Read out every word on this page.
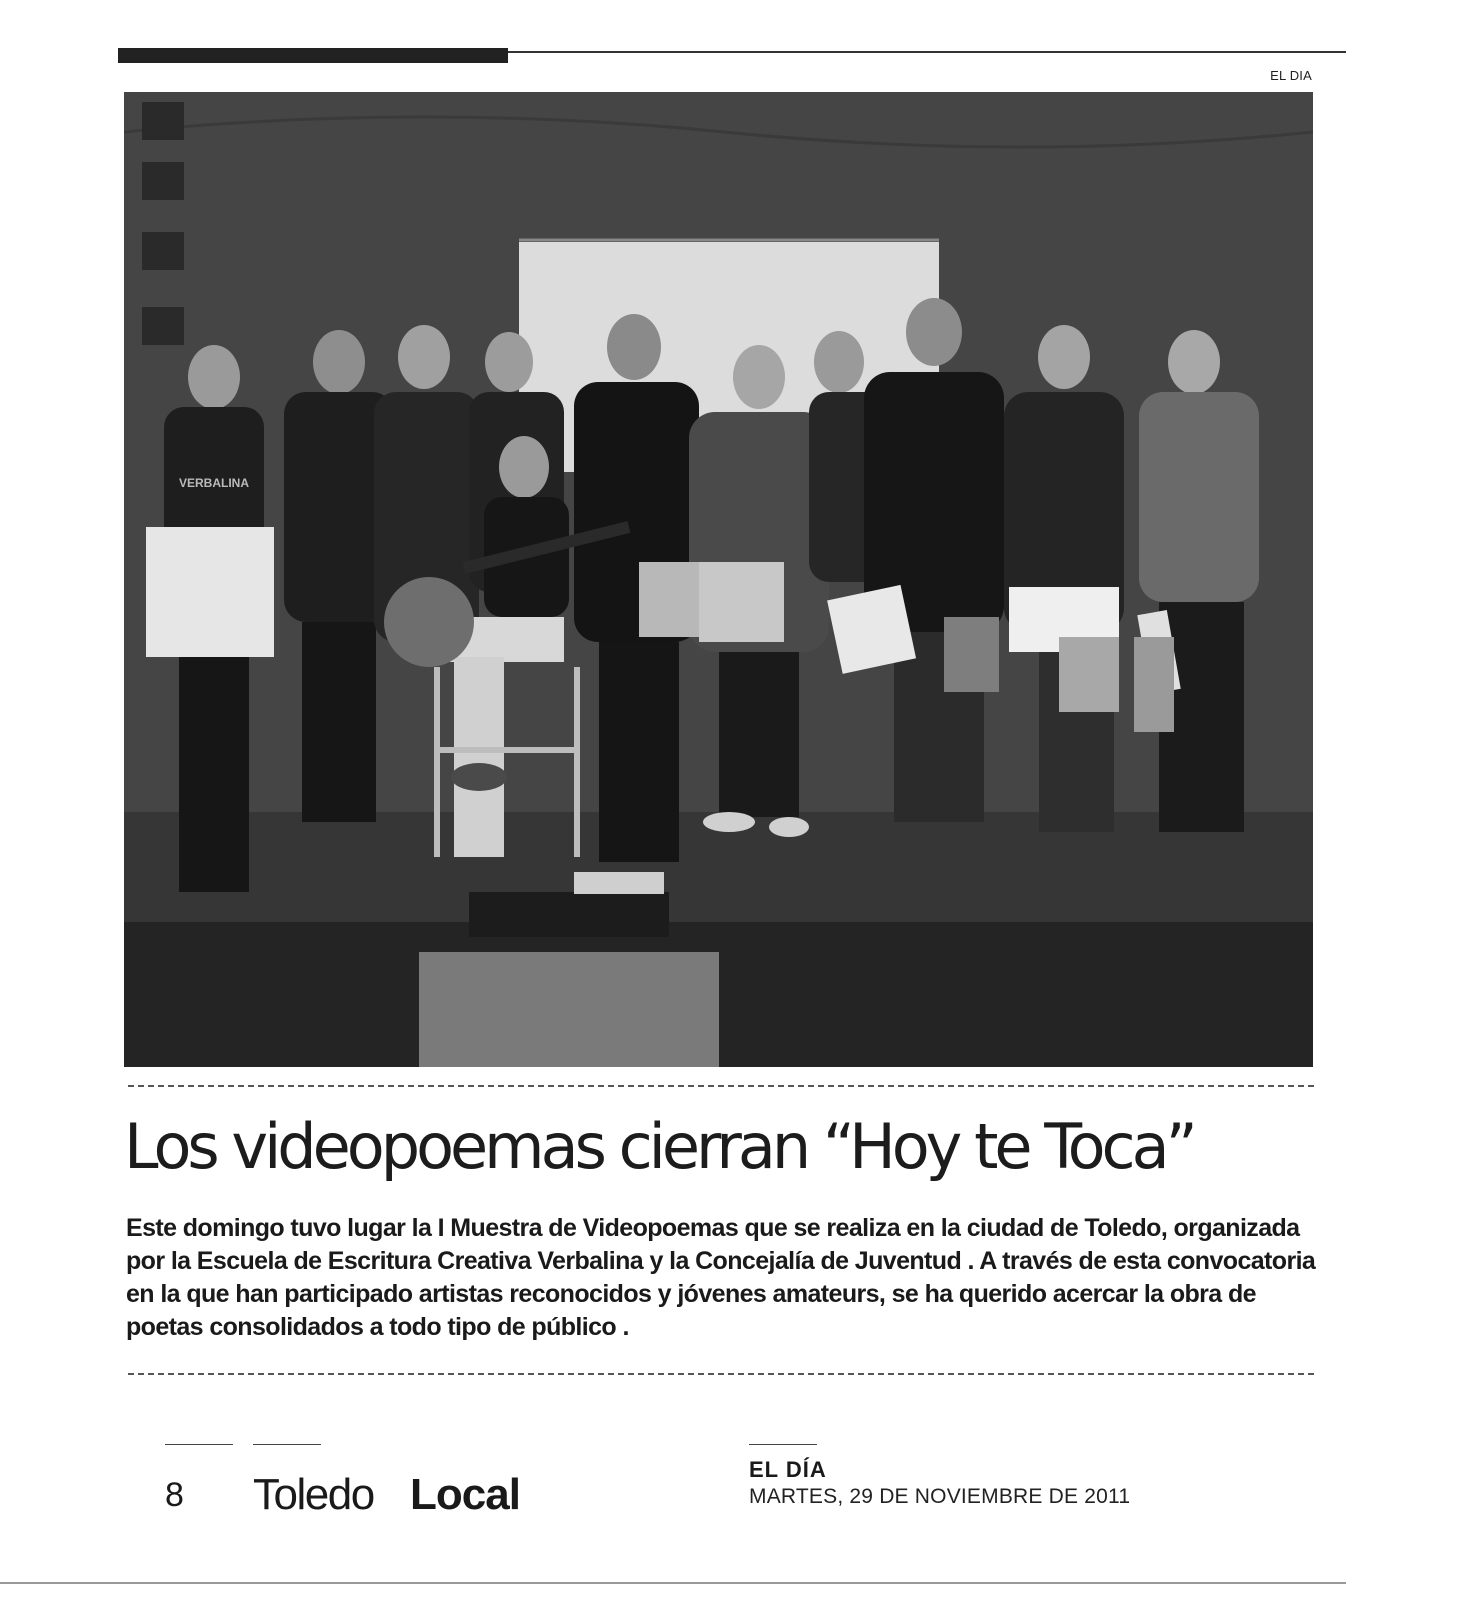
EL DIA
VERBALINA
Los videopoemas cierran “Hoy te Toca”

Este domingo tuvo lugar la I Muestra de Videopoemas que se realiza en la ciudad de Toledo, organizada por la Escuela de Escritura Creativa Verbalina y la Concejalía de Juventud . A través de esta convocatoria en la que han participado artistas reconocidos y jóvenes amateurs, se ha querido acercar la obra de poetas consolidados a todo tipo de público .

8 Toledo Local
EL DÍA
MARTES, 29 DE NOVIEMBRE DE 2011
